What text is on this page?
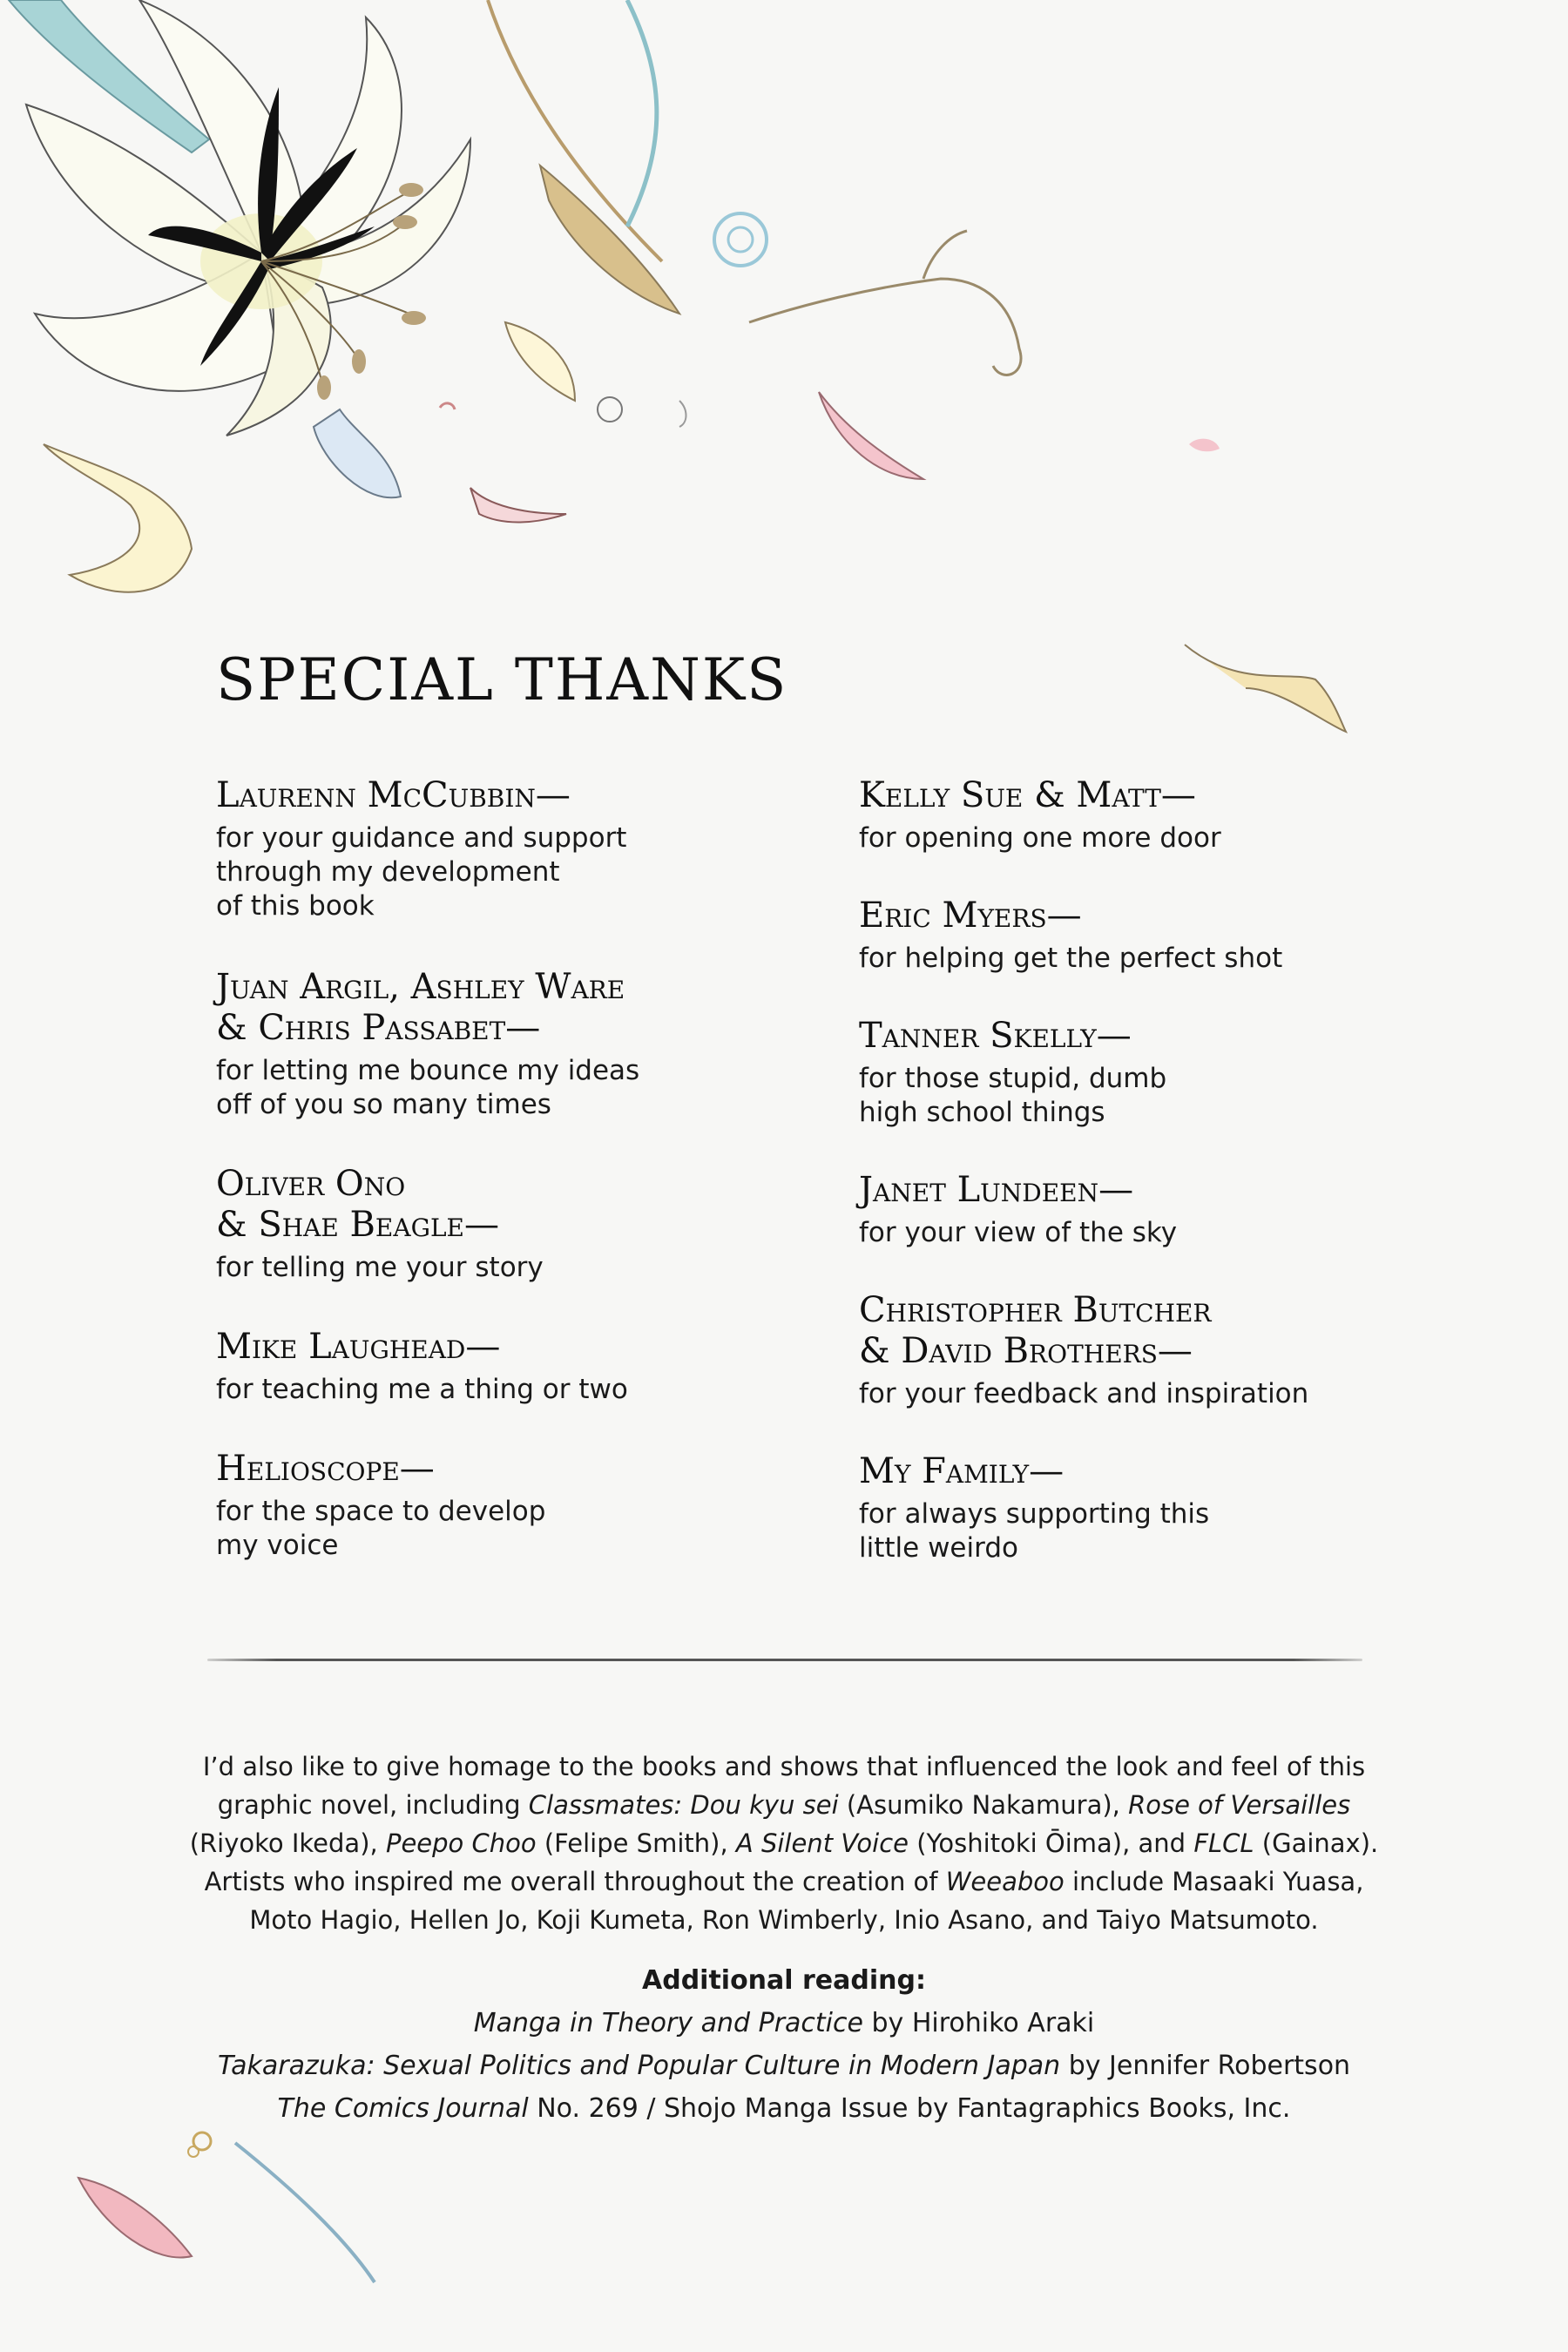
SPECIAL THANKS
Laurenn McCubbin—
for your guidance and support
through my development
of this book
Juan Argil, Ashley Ware
& Chris Passabet—
for letting me bounce my ideas
off of you so many times
Oliver Ono
& Shae Beagle—
for telling me your story
Mike Laughead—
for teaching me a thing or two
Helioscope—
for the space to develop
my voice
Kelly Sue & Matt—
for opening one more door
Eric Myers—
for helping get the perfect shot
Tanner Skelly—
for those stupid, dumb
high school things
Janet Lundeen—
for your view of the sky
Christopher Butcher
& David Brothers—
for your feedback and inspiration
My Family—
for always supporting this
little weirdo

I’d also like to give homage to the books and shows that influenced the look and feel of this graphic novel, including Classmates: Dou kyu sei (Asumiko Nakamura), Rose of Versailles (Riyoko Ikeda), Peepo Choo (Felipe Smith), A Silent Voice (Yoshitoki Ōima), and FLCL (Gainax). Artists who inspired me overall throughout the creation of Weeaboo include Masaaki Yuasa, Moto Hagio, Hellen Jo, Koji Kumeta, Ron Wimberly, Inio Asano, and Taiyo Matsumoto.

Additional reading:
Manga in Theory and Practice by Hirohiko Araki
Takarazuka: Sexual Politics and Popular Culture in Modern Japan by Jennifer Robertson
The Comics Journal No. 269 / Shojo Manga Issue by Fantagraphics Books, Inc.
